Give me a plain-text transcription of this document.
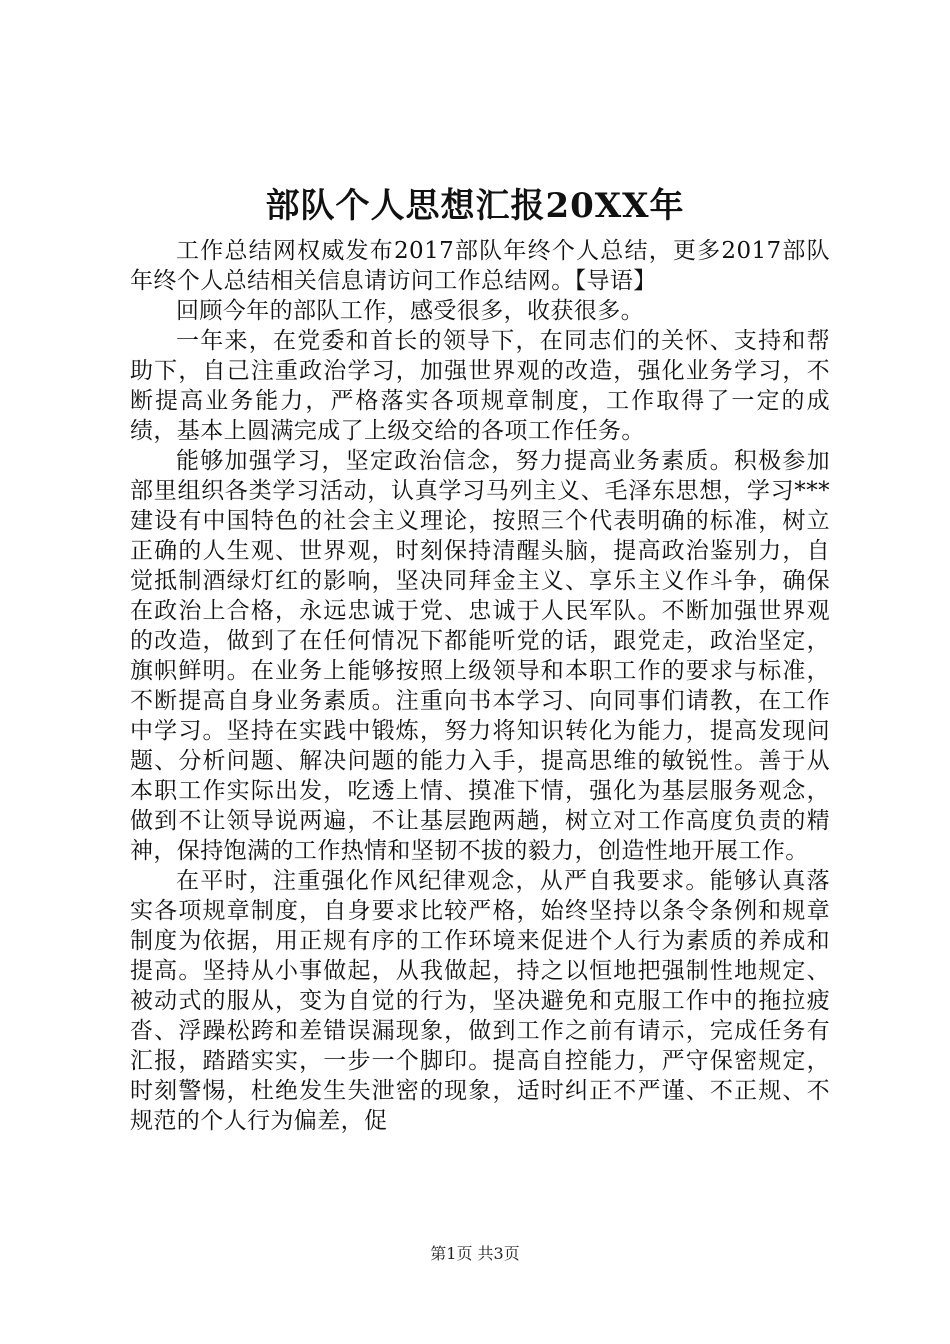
部队个人思想汇报20XX年

工作总结网权威发布2017部队年终个人总结，更多2017部队年终个人总结相关信息请访问工作总结网。【导语】

回顾今年的部队工作，感受很多，收获很多。

一年来，在党委和首长的领导下，在同志们的关怀、支持和帮助下，自己注重政治学习，加强世界观的改造，强化业务学习，不断提高业务能力，严格落实各项规章制度，工作取得了一定的成绩，基本上圆满完成了上级交给的各项工作任务。

能够加强学习，坚定政治信念，努力提高业务素质。积极参加部里组织各类学习活动，认真学习马列主义、毛泽东思想，学习***建设有中国特色的社会主义理论，按照三个代表明确的标准，树立正确的人生观、世界观，时刻保持清醒头脑，提高政治鉴别力，自觉抵制酒绿灯红的影响，坚决同拜金主义、享乐主义作斗争，确保在政治上合格，永远忠诚于党、忠诚于人民军队。不断加强世界观的改造，做到了在任何情况下都能听党的话，跟党走，政治坚定，旗帜鲜明。在业务上能够按照上级领导和本职工作的要求与标准，不断提高自身业务素质。注重向书本学习、向同事们请教，在工作中学习。坚持在实践中锻炼，努力将知识转化为能力，提高发现问题、分析问题、解决问题的能力入手，提高思维的敏锐性。善于从本职工作实际出发，吃透上情、摸准下情，强化为基层服务观念，做到不让领导说两遍，不让基层跑两趟，树立对工作高度负责的精神，保持饱满的工作热情和坚韧不拔的毅力，创造性地开展工作。

在平时，注重强化作风纪律观念，从严自我要求。能够认真落实各项规章制度，自身要求比较严格，始终坚持以条令条例和规章制度为依据，用正规有序的工作环境来促进个人行为素质的养成和提高。坚持从小事做起，从我做起，持之以恒地把强制性地规定、被动式的服从，变为自觉的行为，坚决避免和克服工作中的拖拉疲沓、浮躁松跨和差错误漏现象，做到工作之前有请示，完成任务有汇报，踏踏实实，一步一个脚印。提高自控能力，严守保密规定，时刻警惕，杜绝发生失泄密的现象，适时纠正不严谨、不正规、不规范的个人行为偏差，促

第1页 共3页
